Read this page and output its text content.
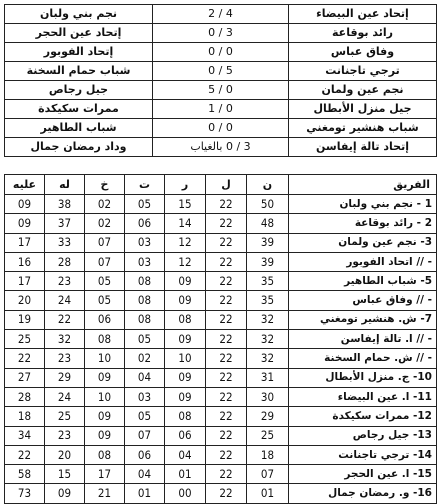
إتحاد عين البيضاء	4 / 2	نجم بني ولبان
رائد بوقاعة	3 / 0	إتحاد عين الحجر
وفاق عباس	0 / 0	إتحاد الفوبور
ترجي تاجنانت	5 / 0	شباب حمام السخنة
نجم عين ولمان	0 / 5	جيل رجاص
جيل منزل الأبطال	0 / 1	ممرات سكيكدة
شباب هنشير تومغني	0 / 0	شباب الطاهير
إتحاد تالة إيفاسن	3 / 0 بالغياب	وداد رمضان جمال
الفريق	ن	ل	ر	ت	خ	له	عليه
1 - نجم بني ولبان	50	22	15	05	02	38	09
2 - رائد بوقاعة	48	22	14	06	02	37	09
3- نجم عين ولمان	39	22	12	03	07	33	17
- // اتحاد الفوبور	39	22	12	03	07	28	16
5- شباب الطاهير	35	22	09	08	05	23	17
- // وفاق عباس	35	22	09	08	05	24	20
7- ش. هنشير تومغني	32	22	08	08	06	22	19
- // ا. تالة إيفاسن	32	22	09	05	08	32	25
- // ش. حمام السخنة	32	22	10	02	10	23	22
10- ج. منزل الأبطال	31	22	09	04	09	29	27
11- ا. عين البيضاء	30	22	09	03	10	24	28
12- ممرات سكيكدة	29	22	08	05	09	25	18
13- جيل رجاص	25	22	06	07	09	23	34
14- ترجي تاجنانت	18	22	04	06	08	20	22
15- ا. عين الحجر	07	22	01	04	17	15	58
16- و. رمضان جمال	01	22	00	01	21	09	73
